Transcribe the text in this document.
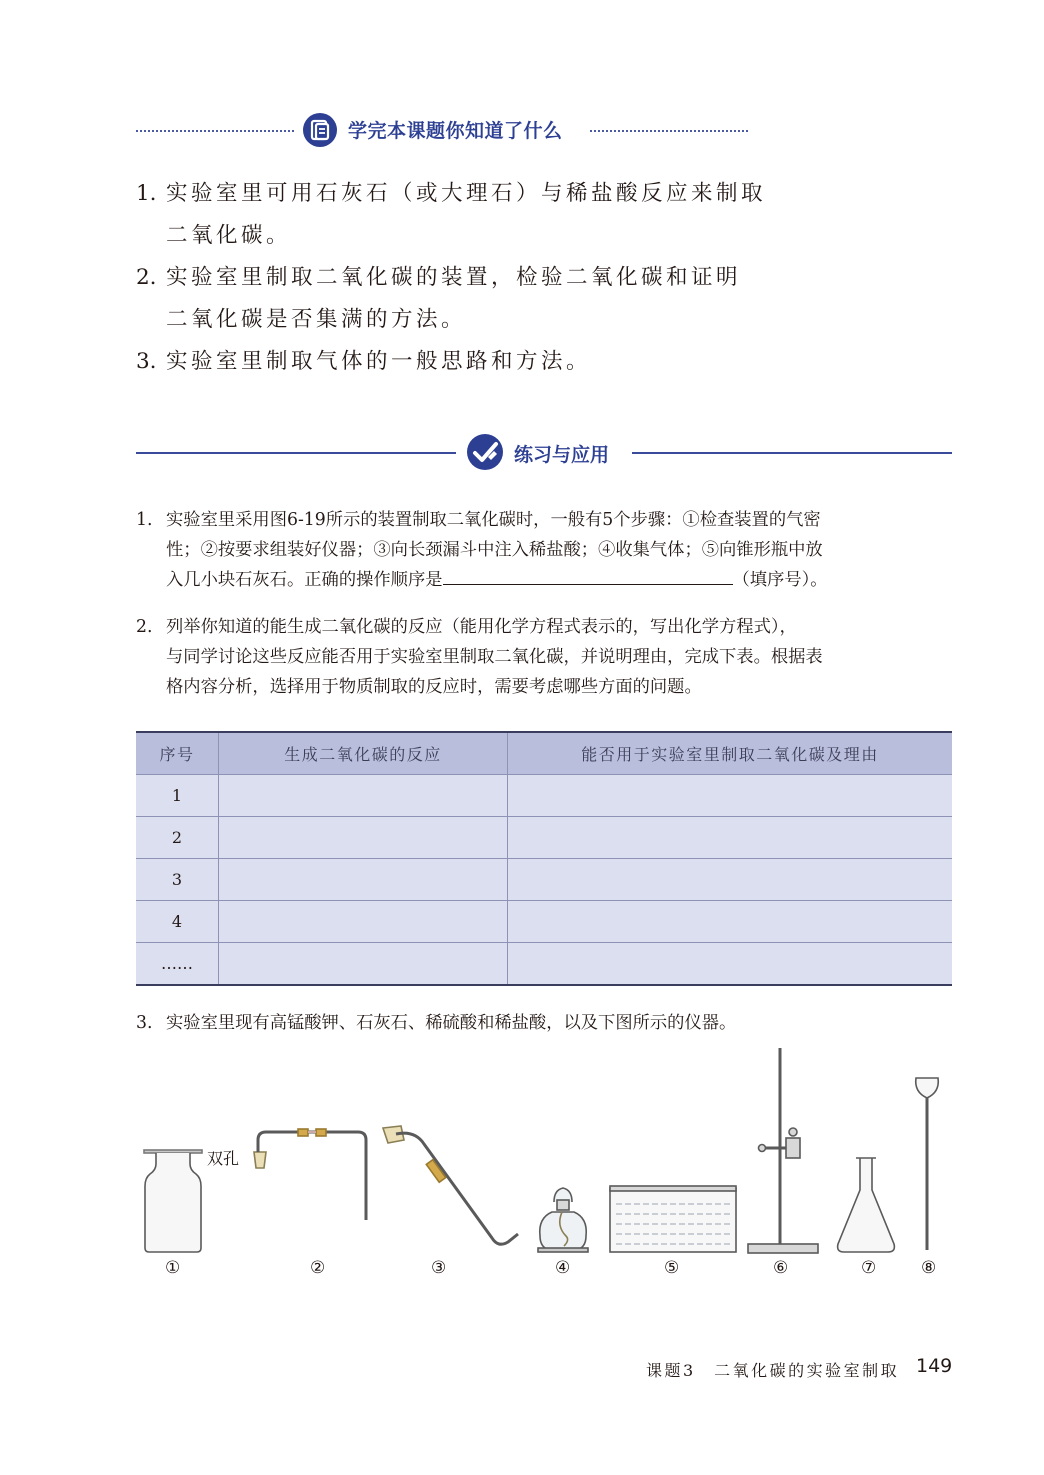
学完本课题你知道了什么
1. 实验室里可用石灰石（或大理石）与稀盐酸反应来制取
二氧化碳。
2. 实验室里制取二氧化碳的装置，检验二氧化碳和证明
二氧化碳是否集满的方法。
3. 实验室里制取气体的一般思路和方法。
练习与应用
1. 实验室里采用图6-19所示的装置制取二氧化碳时，一般有5个步骤：①检查装置的气密
性；②按要求组装好仪器；③向长颈漏斗中注入稀盐酸；④收集气体；⑤向锥形瓶中放
入几小块石灰石。正确的操作顺序是	（填序号）。
2. 列举你知道的能生成二氧化碳的反应（能用化学方程式表示的，写出化学方程式），
与同学讨论这些反应能否用于实验室里制取二氧化碳，并说明理由，完成下表。根据表
格内容分析，选择用于物质制取的反应时，需要考虑哪些方面的问题。
序号	生成二氧化碳的反应	能否用于实验室里制取二氧化碳及理由
1		
2		
3		
4		
……		
3. 实验室里现有高锰酸钾、石灰石、稀硫酸和稀盐酸，以及下图所示的仪器。
双孔
①	②	③	④	⑤	⑥	⑦	⑧
课题3　二氧化碳的实验室制取 149
